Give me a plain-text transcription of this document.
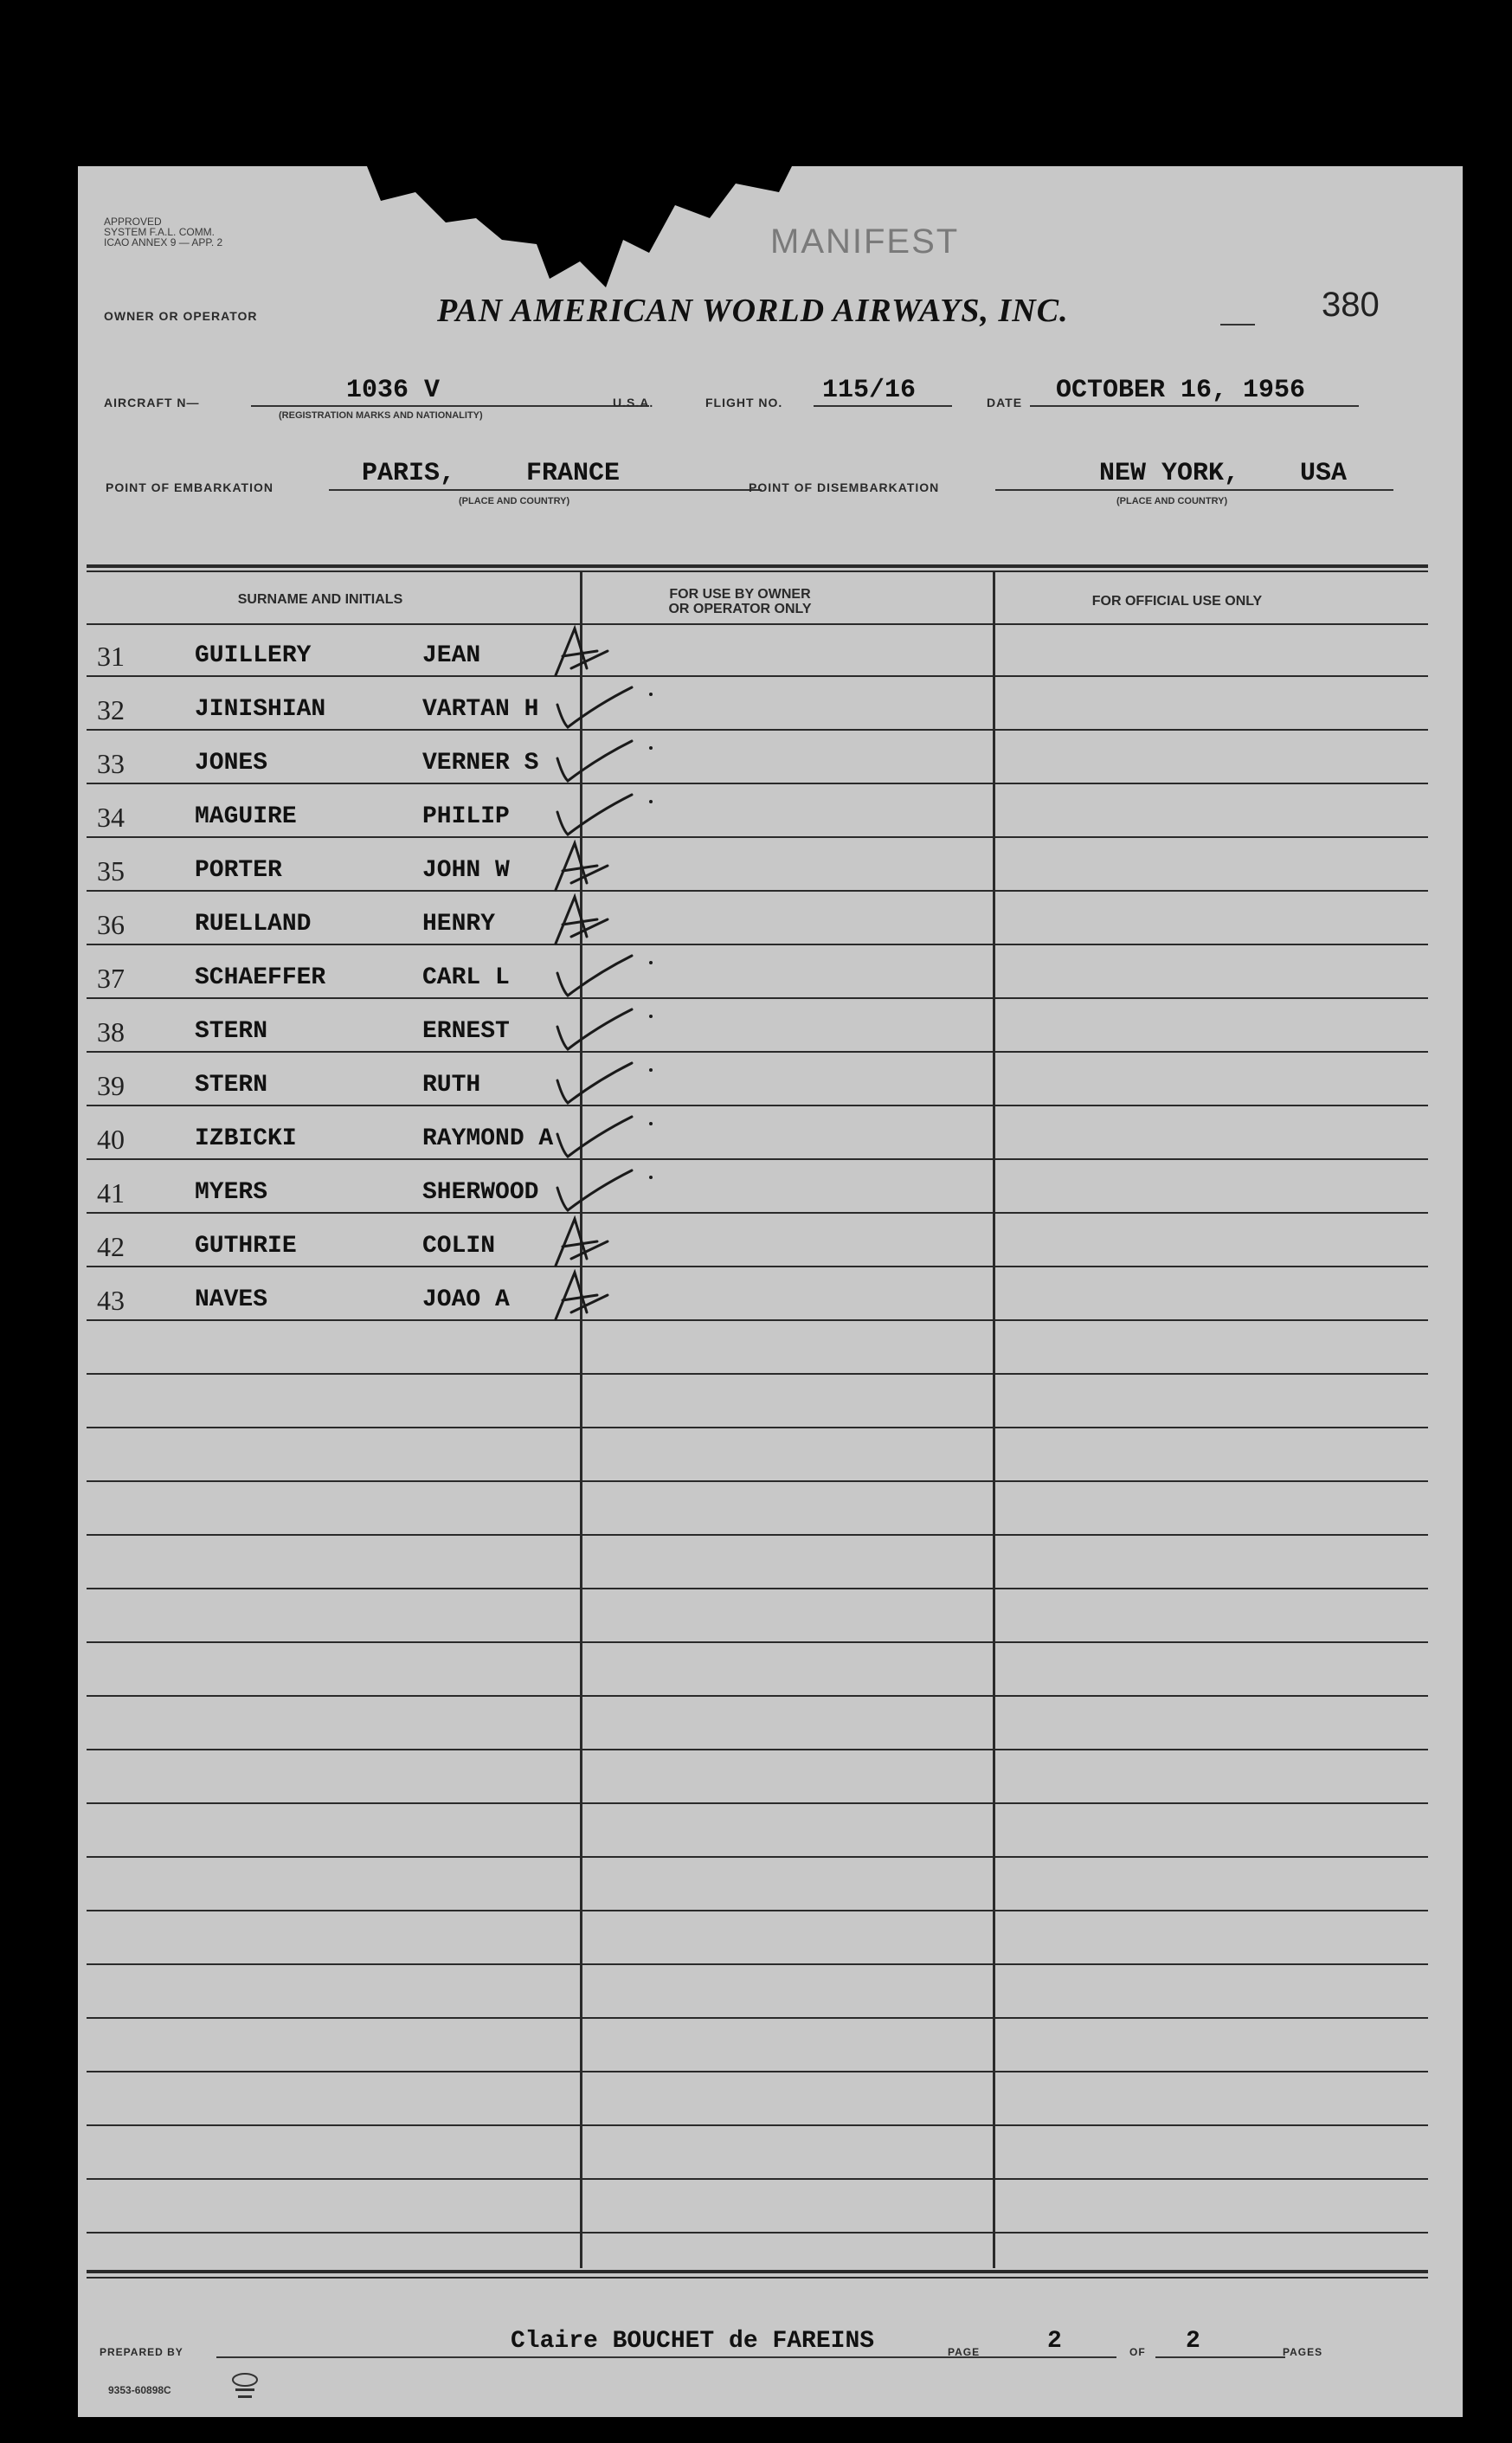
APPROVED
SYSTEM F.A.L. COMM.
ICAO ANNEX 9 — APP. 2	MANIFEST
OWNER OR OPERATOR	PAN AMERICAN WORLD AIRWAYS, INC.	380
AIRCRAFT N—	1036 V
(REGISTRATION MARKS AND NATIONALITY)
U.S.A.	FLIGHT NO. 115/16	DATE OCTOBER 16, 1956
POINT OF EMBARKATION	PARIS,	FRANCE
(PLACE AND COUNTRY)
POINT OF DISEMBARKATION	NEW YORK, USA
(PLACE AND COUNTRY)
SURNAME AND INITIALS	FOR USE BY OWNER
OR OPERATOR ONLY
FOR OFFICIAL USE ONLY
31	GUILLERY	JEAN
32	JINISHIAN	VARTAN H
33	JONES	VERNER S
34	MAGUIRE	PHILIP
35	PORTER	JOHN W
36	RUELLAND	HENRY
37	SCHAEFFER	CARL L
38	STERN	ERNEST
39	STERN	RUTH
40	IZBICKI	RAYMOND A
41	MYERS	SHERWOOD
42	GUTHRIE	COLIN
43	NAVES	JOAO A
PREPARED BY	Claire BOUCHET de FAREINS	PAGE	2	OF 2	PAGES
9353-60898C
